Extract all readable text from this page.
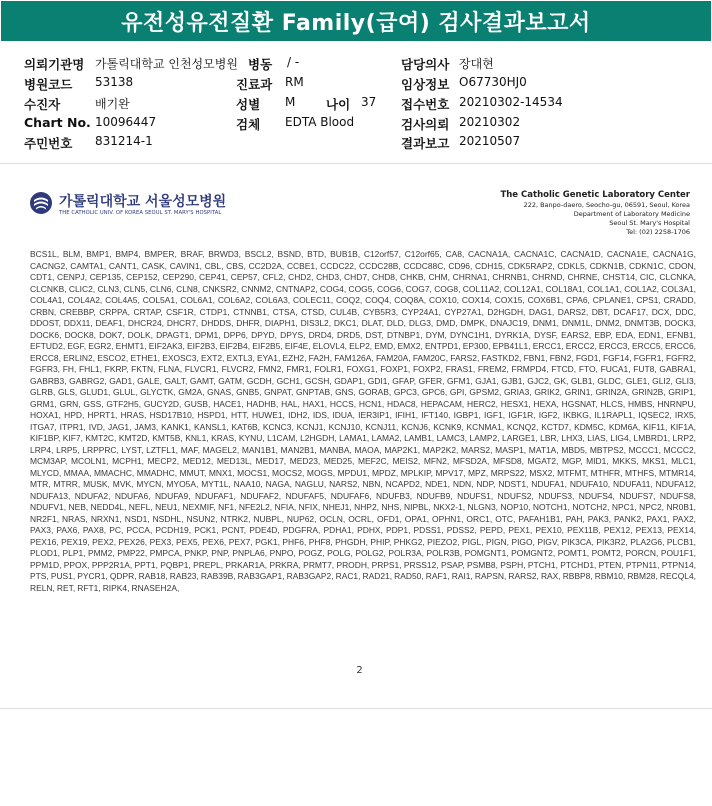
유전성유전질환 Family(급여) 검사결과보고서
의뢰기관명 가톨릭대학교 인천성모병원 병동 / -	담당의사 장대현
병원코드 53138	진료과 RM	임상정보 O67730HJ0
수진자	배기완	성별 M 나이 37 접수번호 20210302-14534
Chart No. 10096447	검체 EDTA Blood	검사의뢰 20210302
주민번호 831214-1	결과보고 20210507
가톨릭대학교 서울성모병원
THE CATHOLIC UNIV. OF KOREA SEOUL ST. MARY'S HOSPITAL
The Catholic Genetic Laboratory Center
222, Banpo-daero, Seocho-gu, 06591, Seoul, Korea
Department of Laboratory Medicine
Seoul St. Mary's Hospital
Tel: (02) 2258-1706
BCS1L, BLM, BMP1, BMP4, BMPER, BRAF, BRWD3, BSCL2, BSND, BTD, BUB1B, C12orf57, C12orf65, CA8, CACNA1A, CACNA1C, CACNA1D, CACNA1E, CACNA1G, CACNG2, CAMTA1, CANT1, CASK, CAVIN1, CBL, CBS, CC2D2A, CCBE1, CCDC22, CCDC28B, CCDC88C, CD96, CDH15, CDK5RAP2, CDKL5, CDKN1B, CDKN1C, CDON, CDT1, CENPJ, CEP135, CEP152, CEP290, CEP41, CEP57, CFL2, CHD2, CHD3, CHD7, CHD8, CHKB, CHM, CHRNA1, CHRNB1, CHRND, CHRNE, CHST14, CIC, CLCNKA, CLCNKB, CLIC2, CLN3, CLN5, CLN6, CLN8, CNKSR2, CNNM2, CNTNAP2, COG4, COG5, COG6, COG7, COG8, COL11A2, COL12A1, COL18A1, COL1A1, COL1A2, COL3A1, COL4A1, COL4A2, COL4A5, COL5A1, COL6A1, COL6A2, COL6A3, COLEC11, COQ2, COQ4, COQ8A, COX10, COX14, COX15, COX6B1, CPA6, CPLANE1, CPS1, CRADD, CRBN, CREBBP, CRPPA, CRTAP, CSF1R, CTDP1, CTNNB1, CTSA, CTSD, CUL4B, CYB5R3, CYP24A1, CYP27A1, D2HGDH, DAG1, DARS2, DBT, DCAF17, DCX, DDC, DDOST, DDX11, DEAF1, DHCR24, DHCR7, DHDDS, DHFR, DIAPH1, DIS3L2, DKC1, DLAT, DLD, DLG3, DMD, DMPK, DNAJC19, DNM1, DNM1L, DNM2, DNMT3B, DOCK3, DOCK6, DOCK8, DOK7, DOLK, DPAGT1, DPM1, DPP6, DPYD, DPYS, DRD4, DRD5, DST, DTNBP1, DYM, DYNC1H1, DYRK1A, DYSF, EARS2, EBP, EDA, EDN1, EFNB1, EFTUD2, EGF, EGR2, EHMT1, EIF2AK3, EIF2B3, EIF2B4, EIF2B5, EIF4E, ELOVL4, ELP2, EMD, EMX2, ENTPD1, EP300, EPB41L1, ERCC1, ERCC2, ERCC3, ERCC5, ERCC6, ERCC8, ERLIN2, ESCO2, ETHE1, EXOSC3, EXT2, EXTL3, EYA1, EZH2, FA2H, FAM126A, FAM20A, FAM20C, FARS2, FASTKD2, FBN1, FBN2, FGD1, FGF14, FGFR1, FGFR2, FGFR3, FH, FHL1, FKRP, FKTN, FLNA, FLVCR1, FLVCR2, FMN2, FMR1, FOLR1, FOXG1, FOXP1, FOXP2, FRAS1, FREM2, FRMPD4, FTCD, FTO, FUCA1, FUT8, GABRA1, GABRB3, GABRG2, GAD1, GALE, GALT, GAMT, GATM, GCDH, GCH1, GCSH, GDAP1, GDI1, GFAP, GFER, GFM1, GJA1, GJB1, GJC2, GK, GLB1, GLDC, GLE1, GLI2, GLI3, GLRB, GLS, GLUD1, GLUL, GLYCTK, GM2A, GNAS, GNB5, GNPAT, GNPTAB, GNS, GORAB, GPC3, GPC6, GPI, GPSM2, GRIA3, GRIK2, GRIN1, GRIN2A, GRIN2B, GRIP1, GRM1, GRN, GSS, GTF2H5, GUCY2D, GUSB, HACE1, HADHB, HAL, HAX1, HCCS, HCN1, HDAC8, HEPACAM, HERC2, HESX1, HEXA, HGSNAT, HLCS, HMBS, HNRNPU, HOXA1, HPD, HPRT1, HRAS, HSD17B10, HSPD1, HTT, HUWE1, IDH2, IDS, IDUA, IER3IP1, IFIH1, IFT140, IGBP1, IGF1, IGF1R, IGF2, IKBKG, IL1RAPL1, IQSEC2, IRX5, ITGA7, ITPR1, IVD, JAG1, JAM3, KANK1, KANSL1, KAT6B, KCNC3, KCNJ1, KCNJ10, KCNJ11, KCNJ6, KCNK9, KCNMA1, KCNQ2, KCTD7, KDM5C, KDM6A, KIF11, KIF1A, KIF1BP, KIF7, KMT2C, KMT2D, KMT5B, KNL1, KRAS, KYNU, L1CAM, L2HGDH, LAMA1, LAMA2, LAMB1, LAMC3, LAMP2, LARGE1, LBR, LHX3, LIAS, LIG4, LMBRD1, LRP2, LRP4, LRP5, LRPPRC, LYST, LZTFL1, MAF, MAGEL2, MAN1B1, MAN2B1, MANBA, MAOA, MAP2K1, MAP2K2, MARS2, MASP1, MAT1A, MBD5, MBTPS2, MCCC1, MCCC2, MCM3AP, MCOLN1, MCPH1, MECP2, MED12, MED13L, MED17, MED23, MED25, MEF2C, MEIS2, MFN2, MFSD2A, MFSD8, MGAT2, MGP, MID1, MKKS, MKS1, MLC1, MLYCD, MMAA, MMACHC, MMADHC, MMUT, MNX1, MOCS1, MOCS2, MOGS, MPDU1, MPDZ, MPLKIP, MPV17, MPZ, MRPS22, MSX2, MTFMT, MTHFR, MTHFS, MTMR14, MTR, MTRR, MUSK, MVK, MYCN, MYO5A, MYT1L, NAA10, NAGA, NAGLU, NARS2, NBN, NCAPD2, NDE1, NDN, NDP, NDST1, NDUFA1, NDUFA10, NDUFA11, NDUFA12, NDUFA13, NDUFA2, NDUFA6, NDUFA9, NDUFAF1, NDUFAF2, NDUFAF5, NDUFAF6, NDUFB3, NDUFB9, NDUFS1, NDUFS2, NDUFS3, NDUFS4, NDUFS7, NDUFS8, NDUFV1, NEB, NEDD4L, NEFL, NEU1, NEXMIF, NF1, NFE2L2, NFIA, NFIX, NHEJ1, NHP2, NHS, NIPBL, NKX2-1, NLGN3, NOP10, NOTCH1, NOTCH2, NPC1, NPC2, NR0B1, NR2F1, NRAS, NRXN1, NSD1, NSDHL, NSUN2, NTRK2, NUBPL, NUP62, OCLN, OCRL, OFD1, OPA1, OPHN1, ORC1, OTC, PAFAH1B1, PAH, PAK3, PANK2, PAX1, PAX2, PAX3, PAX6, PAX8, PC, PCCA, PCDH19, PCK1, PCNT, PDE4D, PDGFRA, PDHA1, PDHX, PDP1, PDSS1, PDSS2, PEPD, PEX1, PEX10, PEX11B, PEX12, PEX13, PEX14, PEX16, PEX19, PEX2, PEX26, PEX3, PEX5, PEX6, PEX7, PGK1, PHF6, PHF8, PHGDH, PHIP, PHKG2, PIEZO2, PIGL, PIGN, PIGO, PIGV, PIK3CA, PIK3R2, PLA2G6, PLCB1, PLOD1, PLP1, PMM2, PMP22, PMPCA, PNKP, PNP, PNPLA6, PNPO, POGZ, POLG, POLG2, POLR3A, POLR3B, POMGNT1, POMGNT2, POMT1, POMT2, PORCN, POU1F1, PPM1D, PPOX, PPP2R1A, PPT1, PQBP1, PREPL, PRKAR1A, PRKRA, PRMT7, PRODH, PRPS1, PRSS12, PSAP, PSMB8, PSPH, PTCH1, PTCHD1, PTEN, PTPN11, PTPN14, PTS, PUS1, PYCR1, QDPR, RAB18, RAB23, RAB39B, RAB3GAP1, RAB3GAP2, RAC1, RAD21, RAD50, RAF1, RAI1, RAPSN, RARS2, RAX, RBBP8, RBM10, RBM28, RECQL4, RELN, RET, RFT1, RIPK4, RNASEH2A,
2
